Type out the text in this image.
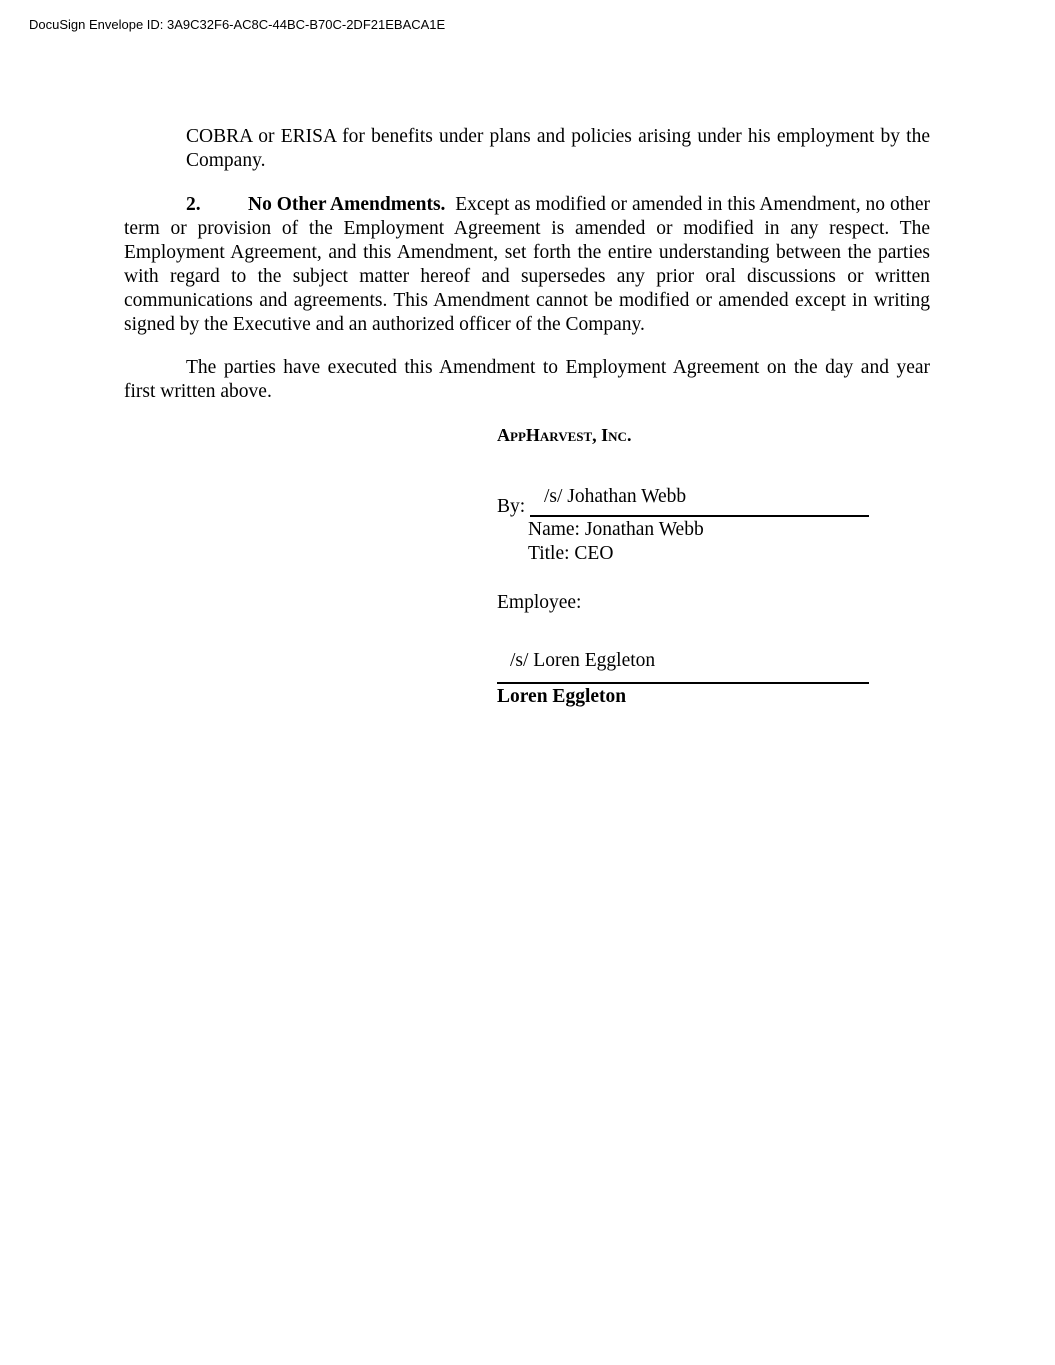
DocuSign Envelope ID: 3A9C32F6-AC8C-44BC-B70C-2DF21EBACA1E
COBRA or ERISA for benefits under plans and policies arising under his employment by the Company.
2. No Other Amendments. Except as modified or amended in this Amendment, no other term or provision of the Employment Agreement is amended or modified in any respect. The Employment Agreement, and this Amendment, set forth the entire understanding between the parties with regard to the subject matter hereof and supersedes any prior oral discussions or written communications and agreements. This Amendment cannot be modified or amended except in writing signed by the Executive and an authorized officer of the Company.
The parties have executed this Amendment to Employment Agreement on the day and year first written above.
AppHarvest, Inc.
By: /s/ Johathan Webb
Name: Jonathan Webb
Title: CEO
Employee:
/s/ Loren Eggleton
Loren Eggleton
